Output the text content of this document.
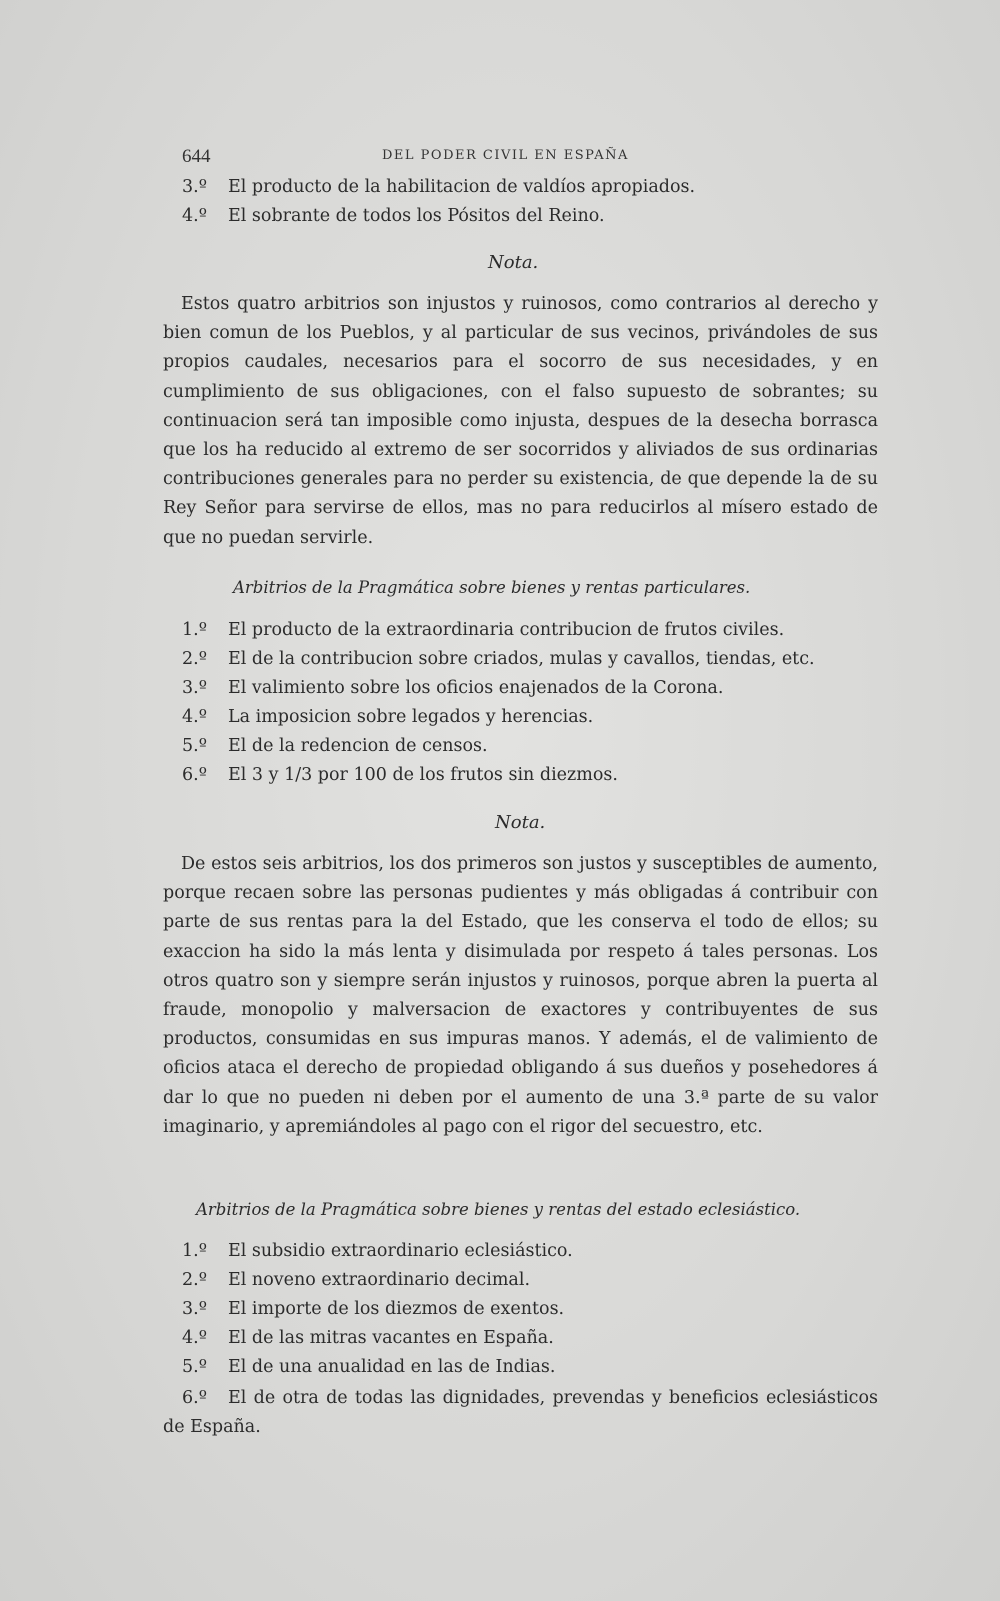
644	DEL PODER CIVIL EN ESPAÑA
3.º El producto de la habilitacion de valdíos apropiados.
4.º El sobrante de todos los Pósitos del Reino.
Nota.
Estos quatro arbitrios son injustos y ruinosos, como contrarios al derecho y bien comun de los Pueblos, y al particular de sus vecinos, privándoles de sus propios caudales, necesarios para el socorro de sus necesidades, y en cumplimiento de sus obligaciones, con el falso supuesto de sobrantes; su continuacion será tan imposible como injusta, despues de la desecha borrasca que los ha reducido al extremo de ser socorridos y aliviados de sus ordinarias contribuciones generales para no perder su existencia, de que depende la de su Rey Señor para servirse de ellos, mas no para reducirlos al mísero estado de que no puedan servirle.
Arbitrios de la Pragmática sobre bienes y rentas particulares.
1.º El producto de la extraordinaria contribucion de frutos civiles.
2.º El de la contribucion sobre criados, mulas y cavallos, tiendas, etc.
3.º El valimiento sobre los oficios enajenados de la Corona.
4.º La imposicion sobre legados y herencias.
5.º El de la redencion de censos.
6.º El 3 y 1/3 por 100 de los frutos sin diezmos.
Nota.
De estos seis arbitrios, los dos primeros son justos y susceptibles de aumento, porque recaen sobre las personas pudientes y más obligadas á contribuir con parte de sus rentas para la del Estado, que les conserva el todo de ellos; su exaccion ha sido la más lenta y disimulada por respeto á tales personas. Los otros quatro son y siempre serán injustos y ruinosos, porque abren la puerta al fraude, monopolio y malversacion de exactores y contribuyentes de sus productos, consumidas en sus impuras manos. Y además, el de valimiento de oficios ataca el derecho de propiedad obligando á sus dueños y posehedores á dar lo que no pueden ni deben por el aumento de una 3.ª parte de su valor imaginario, y apremiándoles al pago con el rigor del secuestro, etc.
Arbitrios de la Pragmática sobre bienes y rentas del estado eclesiástico.
1.º El subsidio extraordinario eclesiástico.
2.º El noveno extraordinario decimal.
3.º El importe de los diezmos de exentos.
4.º El de las mitras vacantes en España.
5.º El de una anualidad en las de Indias.
6.º El de otra de todas las dignidades, prevendas y beneficios eclesiásticos de España.
